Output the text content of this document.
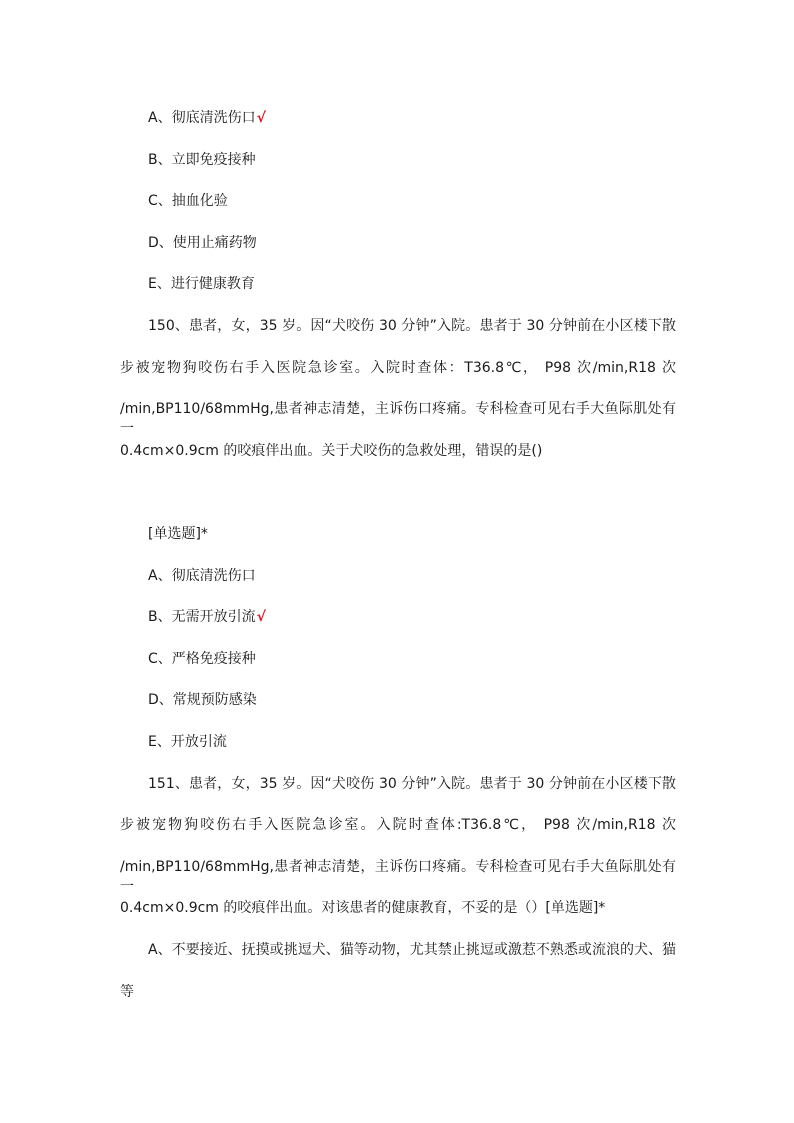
A、彻底清洗伤口√
B、立即免疫接种
C、抽血化验
D、使用止痛药物
E、进行健康教育
150、患者，女，35 岁。因“犬咬伤 30 分钟”入院。患者于 30 分钟前在小区楼下散
步被宠物狗咬伤右手入医院急诊室。入院时查体：T36.8℃， P98 次/min,R18 次
/min,BP110/68mmHg,患者神志清楚，主诉伤口疼痛。专科检查可见右手大鱼际肌处有一
0.4cm×0.9cm 的咬痕伴出血。关于犬咬伤的急救处理，错误的是()
[单选题]*
A、彻底清洗伤口
B、无需开放引流√
C、严格免疫接种
D、常规预防感染
E、开放引流
151、患者，女，35 岁。因“犬咬伤 30 分钟”入院。患者于 30 分钟前在小区楼下散
步被宠物狗咬伤右手入医院急诊室。入院时查体:T36.8℃， P98 次/min,R18 次
/min,BP110/68mmHg,患者神志清楚，主诉伤口疼痛。专科检查可见右手大鱼际肌处有一
0.4cm×0.9cm 的咬痕伴出血。对该患者的健康教育，不妥的是（）[单选题]*
A、不要接近、抚摸或挑逗犬、猫等动物，尤其禁止挑逗或激惹不熟悉或流浪的犬、猫
等
